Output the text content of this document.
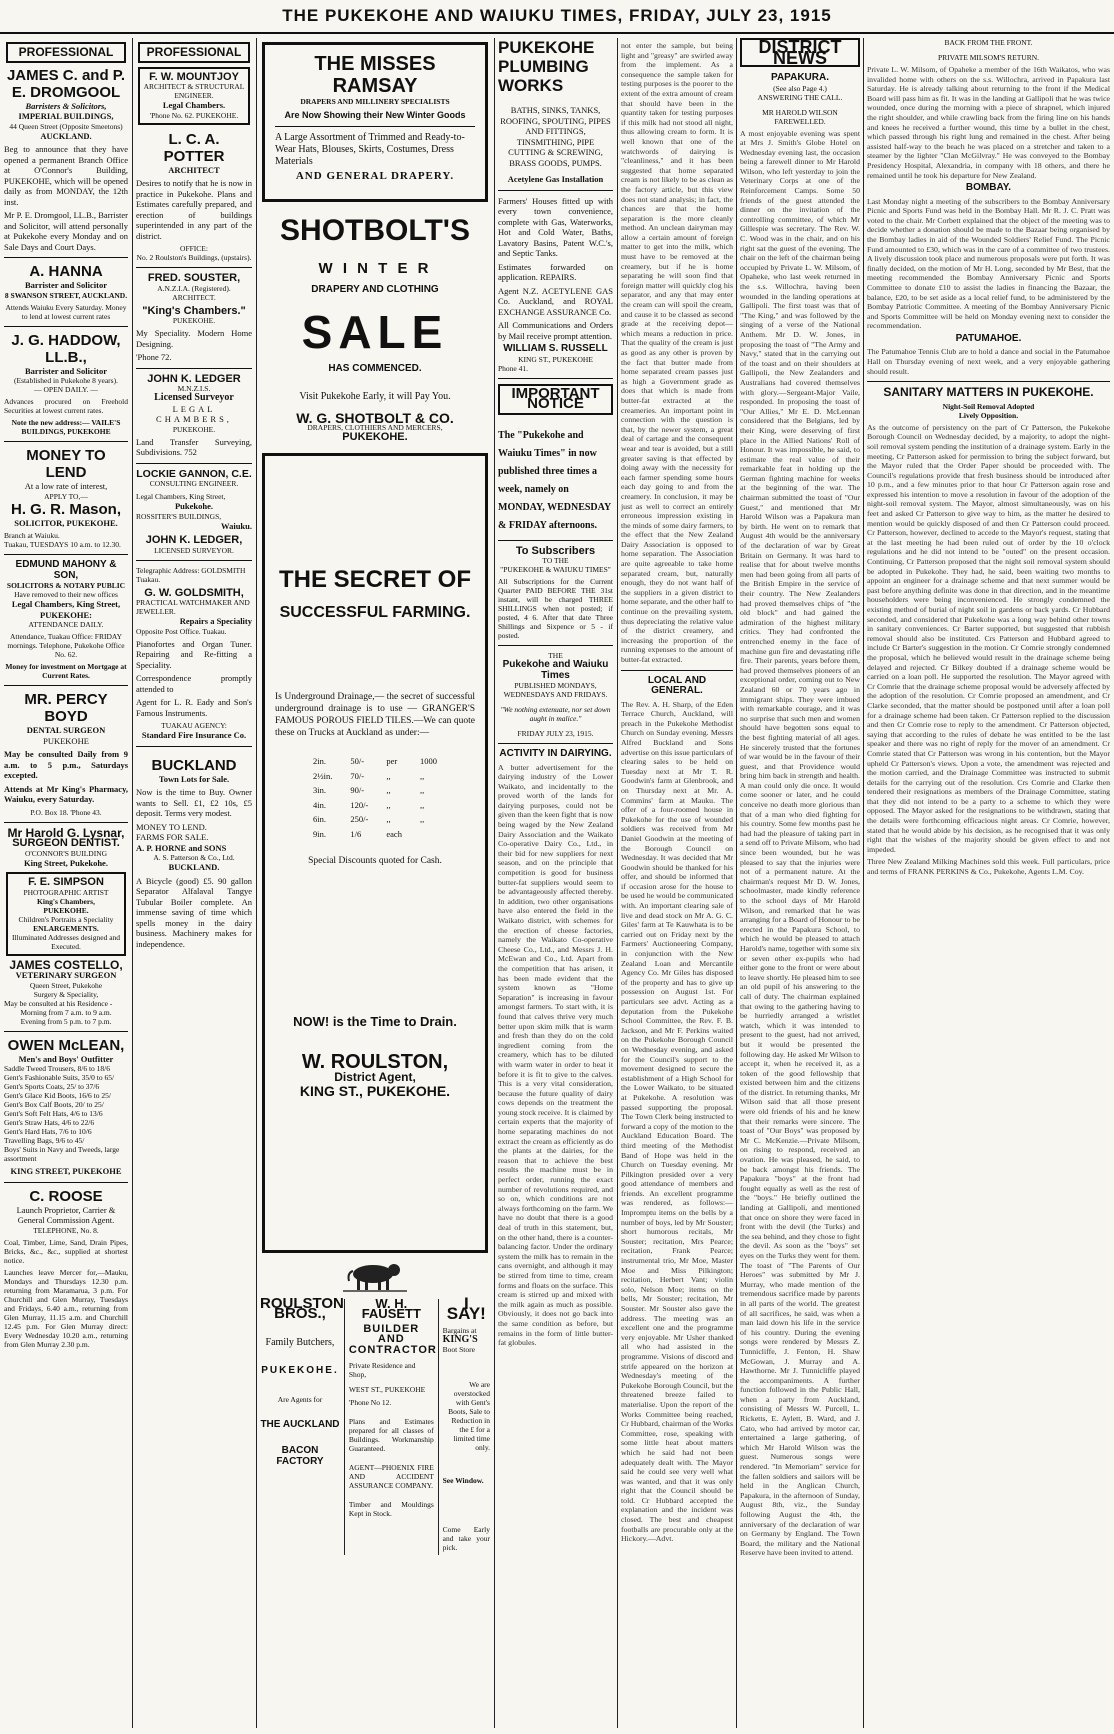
THE PUKEKOHE AND WAIUKU TIMES, FRIDAY, JULY 23, 1915
PROFESSIONAL
JAMES C. and P. E. DROMGOOL
Barristers & Solicitors,
IMPERIAL BUILDINGS,
44 Queen Street (Opposite Smeetons)
AUCKLAND.

Beg to announce that they have opened a permanent Branch Office at O'Connor's Building, PUKEKOHE, which will be opened daily as from MONDAY, the 12th inst.

Mr P. E. Dromgool, LL.B., Barrister and Solicitor, will attend personally at Pukekohe every Monday and on Sale Days and Court Days.

A. HANNA
Barrister and Solicitor
8 SWANSON STREET, AUCKLAND.

Attends Waiuku Every Saturday. Money to lend at lowest current rates

J. G. HADDOW, LL.B.,
Barrister and Solicitor
(Established in Pukekohe 8 years).
— OPEN DAILY. —

Advances procured on Freehold Securities at lowest current rates.

Note the new address:— VAILE'S BUILDINGS, PUKEKOHE

MONEY TO LEND
At a low rate of interest,
APPLY TO,—
H. G. R. Mason,
SOLICITOR, PUKEKOHE.
Branch at Waiuku.
Tuakau, TUESDAYS 10 a.m. to 12.30.
EDMUND MAHONY & SON,
SOLICITORS & NOTARY PUBLIC
Have removed to their new offices
Legal Chambers, King Street,
PUKEKOHE:
ATTENDANCE DAILY.

Attendance, Tuakau Office: FRIDAY mornings. Telephone, Pukekohe Office No. 62.

Money for investment on Mortgage at Current Rates.

MR. PERCY BOYD
DENTAL SURGEON
PUKEKOHE

May be consulted Daily from 9 a.m. to 5 p.m., Saturdays excepted.

Attends at Mr King's Pharmacy, Waiuku, every Saturday.

P.O. Box 18. 'Phone 43.
Mr Harold G. Lysnar,
SURGEON DENTIST.
O'CONNOR'S BUILDING
King Street, Pukekohe.
F. E. SIMPSON
PHOTOGRAPHIC ARTIST
King's Chambers,
PUKEKOHE.
Children's Portraits a Speciality
ENLARGEMENTS.
Illuminated Addresses designed and Executed.
JAMES COSTELLO,
VETERINARY SURGEON
Queen Street, Pukekohe
Surgery & Speciality,
May be consulted at his Residence -
Morning from 7 a.m. to 9 a.m.
Evening from 5 p.m. to 7 p.m.
OWEN McLEAN,
Men's and Boys' Outfitter
Saddle Tweed Trousers, 8/6 to 18/6
Gent's Fashionable Suits, 35/0 to 65/
Gent's Sports Coats, 25/ to 37/6
Gent's Glace Kid Boots, 16/6 to 25/
Gent's Box Calf Boots, 20/ to 25/
Gent's Soft Felt Hats, 4/6 to 13/6
Gent's Straw Hats, 4/6 to 22/6
Gent's Hard Hats, 7/6 to 10/6
Travelling Bags, 9/6 to 45/
Boys' Suits in Navy and Tweeds, large assortment
KING STREET, PUKEKOHE
C. ROOSE
Launch Proprietor, Carrier & General Commission Agent.
TELEPHONE, No. 8.

Coal, Timber, Lime, Sand, Drain Pipes, Bricks, &c., &c., supplied at shortest notice.

Launches leave Mercer for,—Mauku, Mondays and Thursdays 12.30 p.m. returning from Maramarua, 3 p.m. For Churchill and Glen Murray, Tuesdays and Fridays, 6.40 a.m., returning from Glen Murray, 11.15 a.m. and Churchill 12.45 p.m. For Glen Murray direct: Every Wednesday 10.20 a.m., returning from Glen Murray 2.30 p.m.

PROFESSIONAL
F. W. MOUNTJOY
ARCHITECT & STRUCTURAL ENGINEER.
Legal Chambers.
'Phone No. 62. PUKEKOHE.
L. C. A. POTTER
ARCHITECT

Desires to notify that he is now in practice in Pukekohe. Plans and Estimates carefully prepared, and erection of buildings superintended in any part of the district.

OFFICE:
No. 2 Roulston's Buildings, (upstairs).
FRED. SOUSTER,
A.N.Z.I.A. (Registered).
ARCHITECT.
"King's Chambers."
PUKEKOHE.

My Speciality. Modern Home Designing.

'Phone 72.
JOHN K. LEDGER
M.N.Z.I.S.
Licensed Surveyor
LEGAL CHAMBERS,
PUKEKOHE.

Land Transfer Surveying, Subdivisions. 752

LOCKIE GANNON, C.E.
CONSULTING ENGINEER.
Legal Chambers, King Street,
Pukekohe.
ROSSITER'S BUILDINGS,
Waiuku.
JOHN K. LEDGER,
LICENSED SURVEYOR.
Telegraphic Address: GOLDSMITH Tuakau.
G. W. GOLDSMITH,
PRACTICAL WATCHMAKER AND JEWELLER.
Repairs a Speciality
Opposite Post Office. Tuakau.

Pianofortes and Organ Tuner. Repairing and Re-fitting a Speciality.

Correspondence promptly attended to

Agent for L. R. Eady and Son's Famous Instruments.

TUAKAU AGENCY:
Standard Fire Insurance Co.
BUCKLAND
Town Lots for Sale.

Now is the time to Buy. Owner wants to Sell. £1, £2 10s, £5 deposit. Terms very modest.

MONEY TO LEND.
FARMS FOR SALE.
A. P. HORNE and SONS
A. S. Patterson & Co., Ltd.
BUCKLAND.

A Bicycle (good) £5. 90 gallon Separator Alfalaval Tangye Tubular Boiler complete. An immense saving of time which spells money in the dairy business. Machinery makes for independence.

THE MISSES RAMSAY
DRAPERS AND MILLINERY SPECIALISTS
Are Now Showing their New Winter Goods

A Large Assortment of Trimmed and Ready-to-Wear Hats, Blouses, Skirts, Costumes, Dress Materials

AND GENERAL DRAPERY.
SHOTBOLT'S
W I N T E R
DRAPERY AND CLOTHING
SALE
HAS COMMENCED.
Visit Pukekohe Early, it will Pay You.
W. G. SHOTBOLT & CO.
DRAPERS, CLOTHIERS AND MERCERS,
PUKEKOHE.
THE SECRET OF
SUCCESSFUL FARMING.

Is Underground Drainage,— the secret of successful underground drainage is to use — GRANGER'S FAMOUS POROUS FIELD TILES.—We can quote these on Trucks at Auckland as under:—

2in.	50/-	per	1000
2½in.	70/-	,,	,,
3in.	90/-	,,	,,
4in.	120/-	,,	,,
6in.	250/-	,,	,,
9in.	1/6	each	
Special Discounts quoted for Cash.
NOW! is the Time to Drain.
W. ROULSTON,
District Agent,
KING ST., PUKEKOHE.
ROULSTON BROS.,
Family Butchers,
PUKEKOHE.
Are Agents for
THE AUCKLAND
BACON FACTORY
W. H. FAUSETT
BUILDER AND
CONTRACTOR
Private Residence and Shop,
WEST ST., PUKEKOHE
'Phone No 12.

Plans and Estimates prepared for all classes of Buildings. Workmanship Guaranteed.

AGENT—PHOENIX FIRE AND ACCIDENT ASSURANCE COMPANY.

Timber and Mouldings Kept in Stock.

I SAY!
Bargains at
KING'S
Boot Store

We are overstocked with Gent's Boots, Sale to Reduction in the £ for a limited time only.

See Window.

Come Early and take your pick.

PUKEKOHE PLUMBING WORKS

BATHS, SINKS, TANKS, ROOFING, SPOUTING, PIPES AND FITTINGS, TINSMITHING, PIPE CUTTING & SCREWING, BRASS GOODS, PUMPS.

Acetylene Gas Installation

Farmers' Houses fitted up with every town convenience, complete with Gas, Waterworks, Hot and Cold Water, Baths, Lavatory Basins, Patent W.C.'s, and Septic Tanks.

Estimates forwarded on application. REPAIRS.

Agent N.Z. ACETYLENE GAS Co. Auckland, and ROYAL EXCHANGE ASSURANCE Co.

All Communications and Orders by Mail receive prompt attention.

WILLIAM S. RUSSELL
KING ST., PUKEKOHE
Phone 41.
IMPORTANT NOTICE

The "Pukekohe and Waiuku Times" in now published three times a week, namely on MONDAY, WEDNESDAY & FRIDAY afternoons.

To Subscribers
TO THE
"PUKEKOHE & WAIUKU TIMES"

All Subscriptions for the Current Quarter PAID BEFORE THE 31st instant, will be charged THREE SHILLINGS when not posted; if posted, 4 6. After that date Three Shillings and Sixpence or 5 - if posted.

THE
Pukekohe and Waiuku Times
PUBLISHED MONDAYS, WEDNESDAYS AND FRIDAYS.
"We nothing extenuate, nor set down aught in malice."
FRIDAY JULY 23, 1915.
ACTIVITY IN DAIRYING.

A butter advertisement for the dairying industry of the Lower Waikato, and incidentally to the proved worth of the lands for dairying purposes, could not be given than the keen fight that is now being waged by the New Zealand Dairy Association and the Waikato Co-operative Dairy Co., Ltd., in their bid for new suppliers for next season, and on the principle that competition is good for business butter-fat suppliers would seem to be advantageously affected thereby. In addition, two other organisations have also entered the field in the Waikato district, with schemes for the erection of cheese factories, namely the Waikato Co-operative Cheese Co., Ltd., and Messrs J. H. McEwan and Co., Ltd. Apart from the competition that has arisen, it has been made evident that the system known as "Home Separation" is increasing in favour amongst farmers. To start with, it is found that calves thrive very much better upon skim milk that is warm and fresh than they do on the cold ingredient coming from the creamery, which has to be diluted with warm water in order to heat it before it is fit to give to the calves. This is a very vital consideration, because the future quality of dairy cows depends on the treatment the young stock receive. It is claimed by certain experts that the majority of home separating machines do not extract the cream as efficiently as do the plants at the dairies, for the reason that to achieve the best results the machine must be in perfect order, running the exact number of revolutions required, and so on, which conditions are not always forthcoming on the farm. We have no doubt that there is a good deal of truth in this statement, but, on the other hand, there is a counter-balancing factor. Under the ordinary system the milk has to remain in the cans overnight, and although it may be stirred from time to time, cream forms and floats on the surface. This cream is stirred up and mixed with the milk again as much as possible. Obviously, it does not go back into the same condition as before, but remains in the form of little butter-fat globules.

not enter the sample, but being light and "greasy" are swirled away from the implement. As a consequence the sample taken for testing purposes is the poorer to the extent of the extra amount of cream that should have been in the quantity taken for testing purposes if this milk had not stood all night, thus allowing cream to form. It is well known that one of the watchwords of dairying is "cleanliness," and it has been suggested that home separated cream is not likely to be as clean as the factory article, but this view does not stand analysis; in fact, the chances are that the home separation is the more cleanly method. An unclean dairyman may allow a certain amount of foreign matter to get into the milk, which must have to be removed at the creamery, but if he is home separating he will soon find that foreign matter will quickly clog his separator, and any that may enter the cream can will spoil the cream, and cause it to be classed as second grade at the receiving depot—which means a reduction in price. That the quality of the cream is just as good as any other is proven by the fact that butter made from home separated cream passes just as high a Government grade as does that which is made from butter-fat extracted at the creameries. An important point in connection with the question is that, by the newer system, a great deal of cartage and the consequent wear and tear is avoided, but a still greater saving is that effected by doing away with the necessity for each farmer spending some hours each day going to and from the creamery. In conclusion, it may be just as well to correct an entirely erroneous impression existing in the minds of some dairy farmers, to the effect that the New Zealand Dairy Association is opposed to home separation. The Association are quite agreeable to take home separated cream, but, naturally enough, they do not want half of the suppliers in a given district to home separate, and the other half to continue on the prevailing system, thus depreciating the relative value of the district creamery, and increasing the proportion of the running expenses to the amount of butter-fat extracted.

LOCAL AND GENERAL.

The Rev. A. H. Sharp, of the Eden Terrace Church, Auckland, will preach in the Pukekohe Methodist Church on Sunday evening. Messrs Alfred Buckland and Sons advertise on this issue particulars of clearing sales to be held on Tuesday next at Mr T. R. Goodwin's farm at Glenbrook, and on Thursday next at Mr. A. Commins' farm at Mauku. The offer of a four-roomed house in Pukekohe for the use of wounded soldiers was received from Mr Daniel Goodwin at the meeting of the Borough Council on Wednesday. It was decided that Mr Goodwin should be thanked for his offer, and should be informed that if occasion arose for the house to be used he would be communicated with. An important clearing sale of live and dead stock on Mr A. G. C. Giles' farm at Te Kauwhata is to be carried out on Friday next by the Farmers' Auctioneering Company, in conjunction with the New Zealand Loan and Mercantile Agency Co. Mr Giles has disposed of the property and has to give up possession on August 1st. For particulars see advt. Acting as a deputation from the Pukekohe School Committee, the Rev. F. B. Jackson, and Mr F. Perkins waited on the Pukekohe Borough Council on Wednesday evening, and asked for the Council's support to the movement designed to secure the establishment of a High School for the Lower Waikato, to be situated at Pukekohe. A resolution was passed supporting the proposal. The Town Clerk being instructed to forward a copy of the motion to the Auckland Education Board. The third meeting of the Methodist Band of Hope was held in the Church on Tuesday evening. Mr Pilkington presided over a very good attendance of members and friends. An excellent programme was rendered, as follows:— Impromptu items on the bells by a number of boys, led by Mr Souster; short humorous recitals, Mr Souster; recitation, Mrs Pearce; recitation, Frank Pearce; instrumental trio, Mr Moe, Master Moe and Miss Pilkington; recitation, Herbert Vant; violin solo, Nelson Moe; items on the bells, Mr Souster; recitation, Mr Souster. Mr Souster also gave the address. The meeting was an excellent one and the programme very enjoyable. Mr Usher thanked all who had assisted in the programme. Visions of discord and strife appeared on the horizon at Wednesday's meeting of the Pukekohe Borough Council, but the threatened breeze failed to materialise. Upon the report of the Works Committee being reached, Cr Hubbard, chairman of the Works Committee, rose, speaking with some little heat about matters which he said had not been adequately dealt with. The Mayor said he could see very well what was wanted, and that it was only right that the Council should be told. Cr Hubbard accepted the explanation and the incident was closed. The best and cheapest footballs are procurable only at the Hickory.—Advt.

DISTRICT NEWS
PAPAKURA.
(See also Page 4.)
ANSWERING THE CALL.
MR HAROLD WILSON FAREWELLED.

A most enjoyable evening was spent at Mrs J. Smith's Globe Hotel on Wednesday evening last, the occasion being a farewell dinner to Mr Harold Wilson, who left yesterday to join the Veterinary Corps at one of the Reinforcement Camps. Some 50 friends of the guest attended the dinner on the invitation of the controlling committee, of which Mr Gillespie was secretary. The Rev. W. C. Wood was in the chair, and on his right sat the guest of the evening. The chair on the left of the chairman being occupied by Private L. W. Milsom, of Opaheke, who last week returned in the s.s. Willochra, having been wounded in the landing operations at Gallipoli. The first toast was that of "The King," and was followed by the singing of a verse of the National Anthem. Mr D. W. Jones, in proposing the toast of "The Army and Navy," stated that in the carrying out of the toast and on their shoulders at Gallipoli, the New Zealanders and Australians had covered themselves with glory.—Sergeant-Major Vaile, responded. In proposing the toast of "Our Allies," Mr E. D. McLennan considered that the Belgians, led by their King, were deserving of first place in the Allied Nations' Roll of Honour. It was impossible, he said, to estimate the real value of their remarkable feat in holding up the German fighting machine for weeks at the beginning of the war. The chairman submitted the toast of "Our Guest," and mentioned that Mr Harold Wilson was a Papakura man by birth. He went on to remark that August 4th would be the anniversary of the declaration of war by Great Britain on Germany. It was hard to realise that for about twelve months men had been going from all parts of the British Empire in the service of their country. The New Zealanders had proved themselves chips of "the old block" and had gained the admiration of the highest military critics. They had confronted the entrenched enemy in the face of machine gun fire and devastating rifle fire. Their parents, years before them, had proved themselves pioneers of an exceptional order, coming out to New Zealand 60 or 70 years ago in immigrant ships. They were imbued with remarkable courage, and it was no surprise that such men and women should have begotten sons equal to the best fighting material of all ages. He sincerely trusted that the fortunes of war would be in the favour of their guest, and that Providence would bring him back in strength and health. A man could only die once. It would come sooner or later, and he could conceive no death more glorious than that of a man who died fighting for his country. Some few months past he had had the pleasure of taking part in a send off to Private Milsom, who had since been wounded, but he was pleased to say that the injuries were not of a permanent nature. At the chairman's request Mr D. W. Jones, schoolmaster, made kindly reference to the school days of Mr Harold Wilson, and remarked that he was arranging for a Board of Honour to be erected in the Papakura School, to which he would be pleased to attach Harold's name, together with some six or seven other ex-pupils who had either gone to the front or were about to leave shortly. He pleased him to see an old pupil of his answering to the call of duty. The chairman explained that owing to the gathering having to be hurriedly arranged a wristlet watch, which it was intended to present to the guest, had not arrived, but it would be presented the following day. He asked Mr Wilson to accept it, when he received it, as a token of the good fellowship that existed between him and the citizens of the district. In returning thanks, Mr Wilson said that all those present were old friends of his and he knew that their remarks were sincere. The toast of "Our Boys" was proposed by Mr C. McKenzie.—Private Milsom, on rising to respond, received an ovation. He was pleased, he said, to be back amongst his friends. The Papakura "boys" at the front had fought equally as well as the rest of the "boys." He briefly outlined the landing at Gallipoli, and mentioned that once on shore they were faced in front with the devil (the Turks) and the sea behind, and they chose to fight the devil. As soon as the "boys" set eyes on the Turks they went for them. The toast of "The Parents of Our Heroes" was submitted by Mr J. Murray, who made mention of the tremendous sacrifice made by parents in all parts of the world. The greatest of all sacrifices, he said, was when a man laid down his life in the service of his country. During the evening songs were rendered by Messrs Z. Tunnicliffe, J. Fenton, H. Shaw McGowan, J. Murray and A. Hawthorne. Mr J. Tunnicliffe played the accompaniments. A further function followed in the Public Hall, when a party from Auckland, consisting of Messrs W. Purcell, L. Ricketts, E. Aylett, B. Ward, and J. Cato, who had arrived by motor car, entertained a large gathering, of which Mr Harold Wilson was the guest. Numerous songs were rendered. "In Memoriam" service for the fallen soldiers and sailors will be held in the Anglican Church, Papakura, in the afternoon of Sunday, August 8th, viz., the Sunday following August the 4th, the anniversary of the declaration of war on Germany by England. The Town Board, the military and the National Reserve have been invited to attend.

BACK FROM THE FRONT.
PRIVATE MILSOM'S RETURN.

Private L. W. Milsom, of Opaheke a member of the 16th Waikatos, who was invalided home with others on the s.s. Willochra, arrived in Papakura last Saturday. He is already talking about returning to the front if the Medical Board will pass him as fit. It was in the landing at Gallipoli that he was twice wounded, once during the morning with a piece of shrapnel, which injured the right shoulder, and while crawling back from the firing line on his hands and knees he received a further wound, this time by a bullet in the chest, which passed through his right lung and remained in the chest. After being assisted half-way to the beach he was placed on a stretcher and taken to a steamer by the lighter "Clan McGilvray." He was conveyed to the Bombay Presidency Hospital, Alexandria, in company with 18 others, and there he remained until he took his departure for New Zealand.

BOMBAY.

Last Monday night a meeting of the subscribers to the Bombay Anniversary Picnic and Sports Fund was held in the Bombay Hall. Mr R. J. C. Pratt was voted to the chair. Mr Corbett explained that the object of the meeting was to decide whether a donation should be made to the Bazaar being organised by the Bombay ladies in aid of the Wounded Soldiers' Relief Fund. The Picnic Fund amounted to £30, which was in the care of a committee of two trustees. A lively discussion took place and numerous proposals were put forth. It was finally decided, on the motion of Mr H. Long, seconded by Mr Best, that the meeting recommended the Bombay Anniversary Picnic and Sports Committee to donate £10 to assist the ladies in financing the Bazaar, the balance, £20, to be set aside as a local relief fund, to be administered by the Bombay Patriotic Committee. A meeting of the Bombay Anniversary Picnic and Sports Committee will be held on Monday evening next to consider the recommendation.

PATUMAHOE.

The Patumahoe Tennis Club are to hold a dance and social in the Patumahoe Hall on Thursday evening of next week, and a very enjoyable gathering should result.

SANITARY MATTERS IN PUKEKOHE.
Night-Soil Removal Adopted
Lively Opposition.

As the outcome of persistency on the part of Cr Patterson, the Pukekohe Borough Council on Wednesday decided, by a majority, to adopt the night-soil removal system pending the institution of a drainage system. Early in the meeting, Cr Patterson asked for permission to bring the subject forward, but the Mayor ruled that the Order Paper should be proceeded with. The Council's regulations provide that fresh business should be introduced after 10 p.m., and a few minutes prior to that hour Cr Patterson again rose and expressed his intention to move a resolution in favour of the adoption of the night-soil removal system. The Mayor, almost simultaneously, was on his feet and asked Cr Patterson to give way to him, as the matter he desired to mention would be quickly disposed of and then Cr Patterson could proceed. Cr Patterson, however, declined to accede to the Mayor's request, stating that at the last meeting he had been ruled out of order by the 10 o'clock regulations and he did not intend to be "outed" on the present occasion. Continuing, Cr Patterson proposed that the night soil removal system should be adopted in Pukekohe. They had, he said, been waiting two months to appoint an engineer for a drainage scheme and that next summer would be past before anything definite was done in that direction, and in the meantime householders were being inconvenienced. He strongly condemned the existing method of burial of night soil in gardens or back yards. Cr Hubbard seconded, and considered that Pukekohe was a long way behind other towns in sanitary conveniences. Cr Barter supported, but suggested that rubbish removal should also be instituted. Crs Patterson and Hubbard agreed to include Cr Barter's suggestion in the motion. Cr Comrie strongly condemned the proposal, which he believed would result in the drainage scheme being delayed and rejected. Cr Bilkey doubted if a drainage scheme would be carried on a loan poll. He supported the resolution. The Mayor agreed with Cr Comrie that the drainage scheme proposal would be adversely affected by the adoption of the resolution. Cr Comrie proposed an amendment, and Cr Clarke seconded, that the matter should be postponed until after a loan poll for a drainage scheme had been taken. Cr Patterson replied to the discussion and then Cr Comrie rose to reply to the amendment. Cr Patterson objected, saying that according to the rules of debate he was entitled to be the last speaker and there was no right of reply for the mover of an amendment. Cr Comrie stated that Cr Patterson was wrong in his contention, but the Mayor upheld Cr Patterson's views. Upon a vote, the amendment was rejected and the motion carried, and the Drainage Committee was instructed to submit details for the carrying out of the resolution. Crs Comrie and Clarke then tendered their resignations as members of the Drainage Committee, stating that they did not intend to be a party to a scheme to which they were opposed. The Mayor asked for the resignations to be withdrawn, stating that the details were forthcoming efficacious night areas. Cr Comrie, however, stated that he would abide by his decision, as he recognised that it was only right that the wishes of the majority should be given effect to and not impeded.

Three New Zealand Milking Machines sold this week. Full particulars, price and terms of FRANK PERKINS & Co., Pukekohe, Agents L.M. Coy.
